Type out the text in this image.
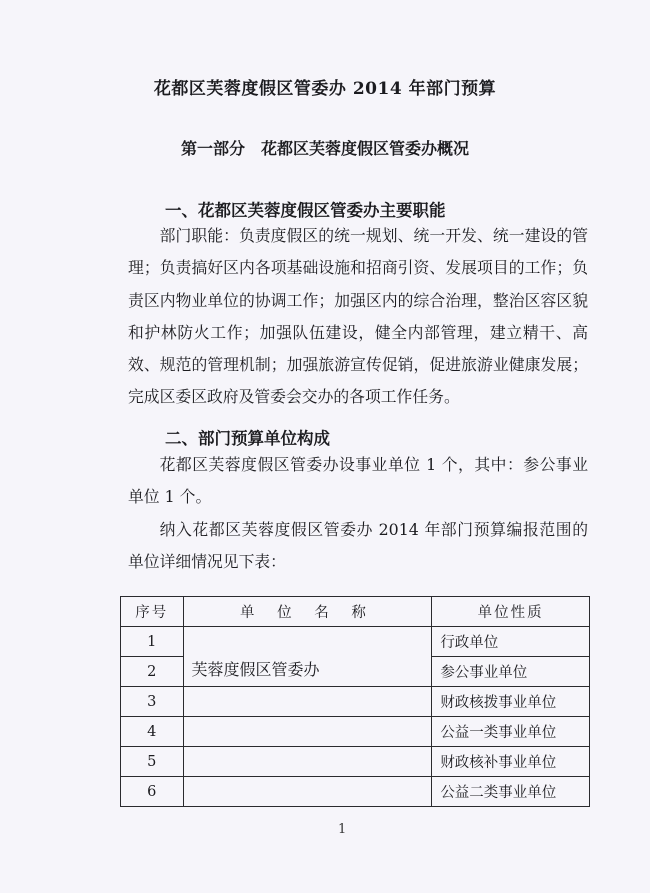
花都区芙蓉度假区管委办 2014 年部门预算
第一部分　花都区芙蓉度假区管委办概况
一、花都区芙蓉度假区管委办主要职能

部门职能：负责度假区的统一规划、统一开发、统一建设的管理；负责搞好区内各项基础设施和招商引资、发展项目的工作；负责区内物业单位的协调工作；加强区内的综合治理，整治区容区貌和护林防火工作；加强队伍建设，健全内部管理，建立精干、高效、规范的管理机制；加强旅游宣传促销，促进旅游业健康发展；完成区委区政府及管委会交办的各项工作任务。

二、部门预算单位构成

花都区芙蓉度假区管委办设事业单位 1 个，其中：参公事业单位 1 个。

纳入花都区芙蓉度假区管委办 2014 年部门预算编报范围的单位详细情况见下表：

序号	单 位 名 称	单位性质
1	芙蓉度假区管委办	行政单位
2		参公事业单位
3		财政核拨事业单位
4		公益一类事业单位
5		财政核补事业单位
6		公益二类事业单位
1
